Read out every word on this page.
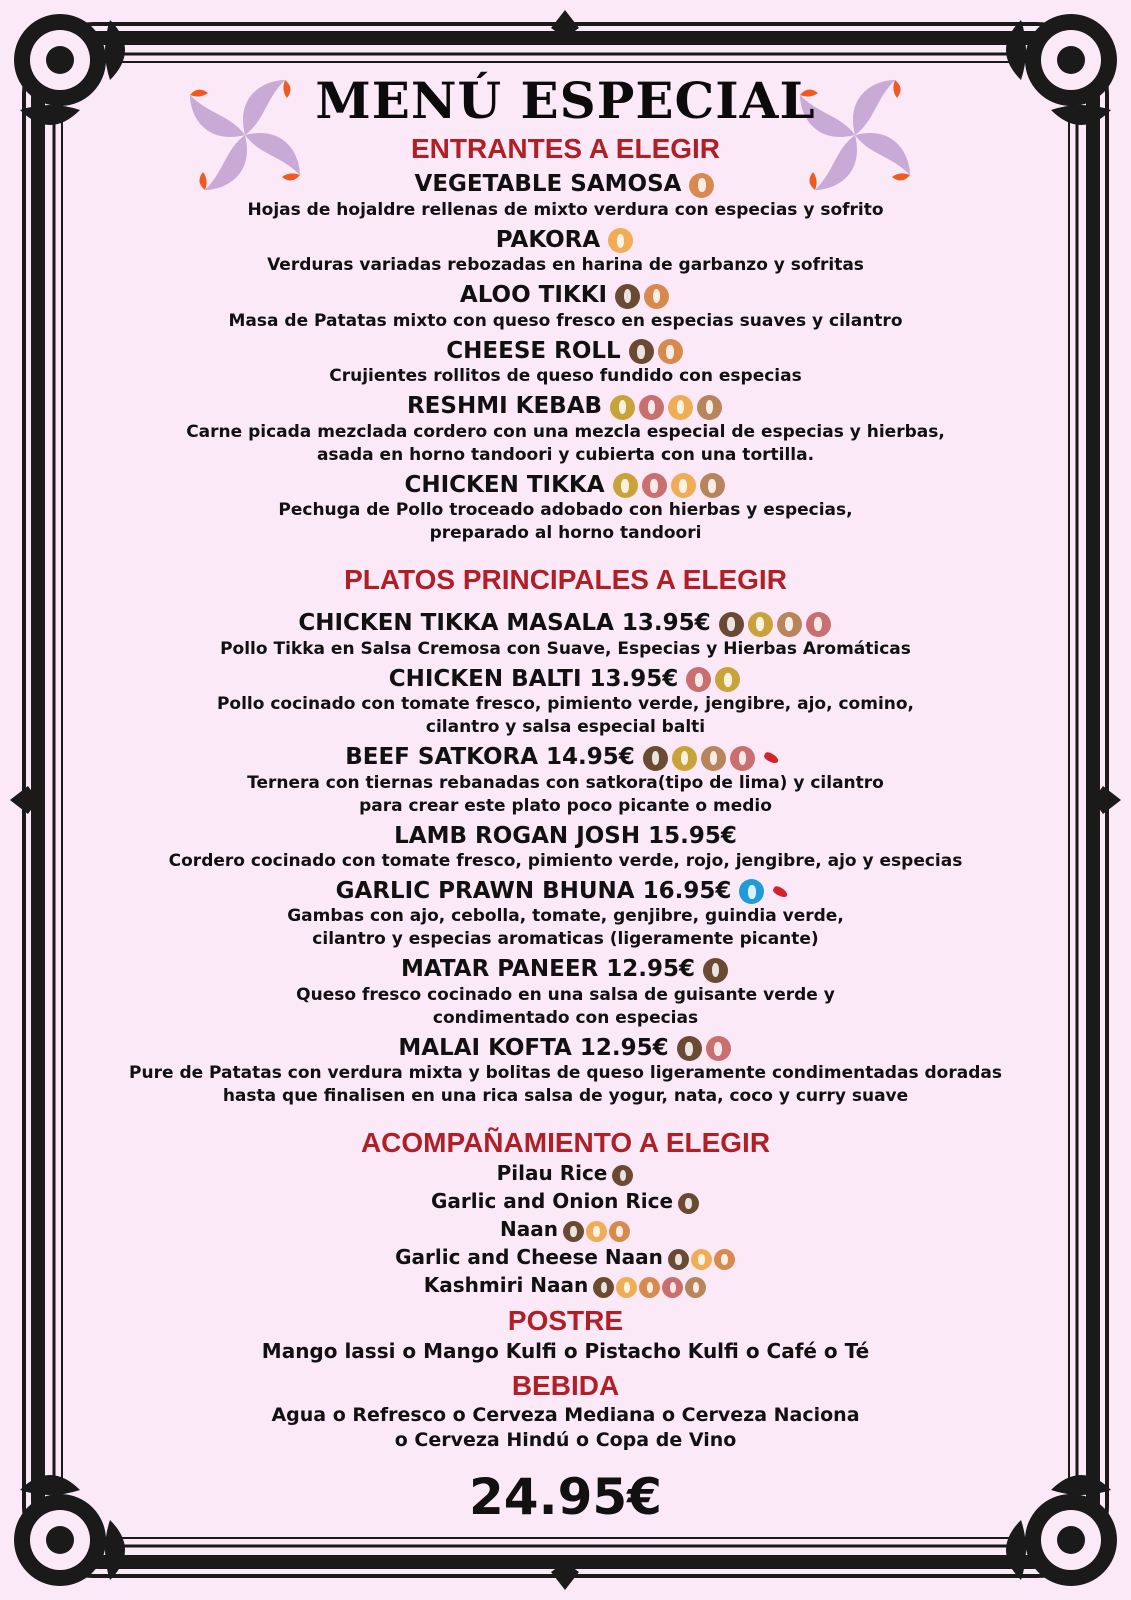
MENÚ ESPECIAL

ENTRANTES A ELEGIR

VEGETABLE SAMOSA

Hojas de hojaldre rellenas de mixto verdura con especias y sofrito

PAKORA

Verduras variadas rebozadas en harina de garbanzo y sofritas

ALOO TIKKI

Masa de Patatas mixto con queso fresco en especias suaves y cilantro

CHEESE ROLL

Crujientes rollitos de queso fundido con especias

RESHMI KEBAB

Carne picada mezclada cordero con una mezcla especial de especias y hierbas,

asada en horno tandoori y cubierta con una tortilla.

CHICKEN TIKKA

Pechuga de Pollo troceado adobado con hierbas y especias,

preparado al horno tandoori

PLATOS PRINCIPALES A ELEGIR

CHICKEN TIKKA MASALA 13.95€

Pollo Tikka en Salsa Cremosa con Suave, Especias y Hierbas Aromáticas

CHICKEN BALTI 13.95€

Pollo cocinado con tomate fresco, pimiento verde, jengibre, ajo, comino,

cilantro y salsa especial balti

BEEF SATKORA 14.95€

Ternera con tiernas rebanadas con satkora(tipo de lima) y cilantro

para crear este plato poco picante o medio

LAMB ROGAN JOSH 15.95€

Cordero cocinado con tomate fresco, pimiento verde, rojo, jengibre, ajo y especias

GARLIC PRAWN BHUNA 16.95€

Gambas con ajo, cebolla, tomate, genjibre, guindia verde,

cilantro y especias aromaticas (ligeramente picante)

MATAR PANEER 12.95€

Queso fresco cocinado en una salsa de guisante verde y

condimentado con especias

MALAI KOFTA 12.95€

Pure de Patatas con verdura mixta y bolitas de queso ligeramente condimentadas doradas

hasta que finalisen en una rica salsa de yogur, nata, coco y curry suave

ACOMPAÑAMIENTO A ELEGIR

Pilau Rice

Garlic and Onion Rice

Naan

Garlic and Cheese Naan

Kashmiri Naan

POSTRE

Mango lassi o Mango Kulfi o Pistacho Kulfi o Café o Té

BEBIDA

Agua o Refresco o Cerveza Mediana o Cerveza Naciona

o Cerveza Hindú o Copa de Vino

24.95€
